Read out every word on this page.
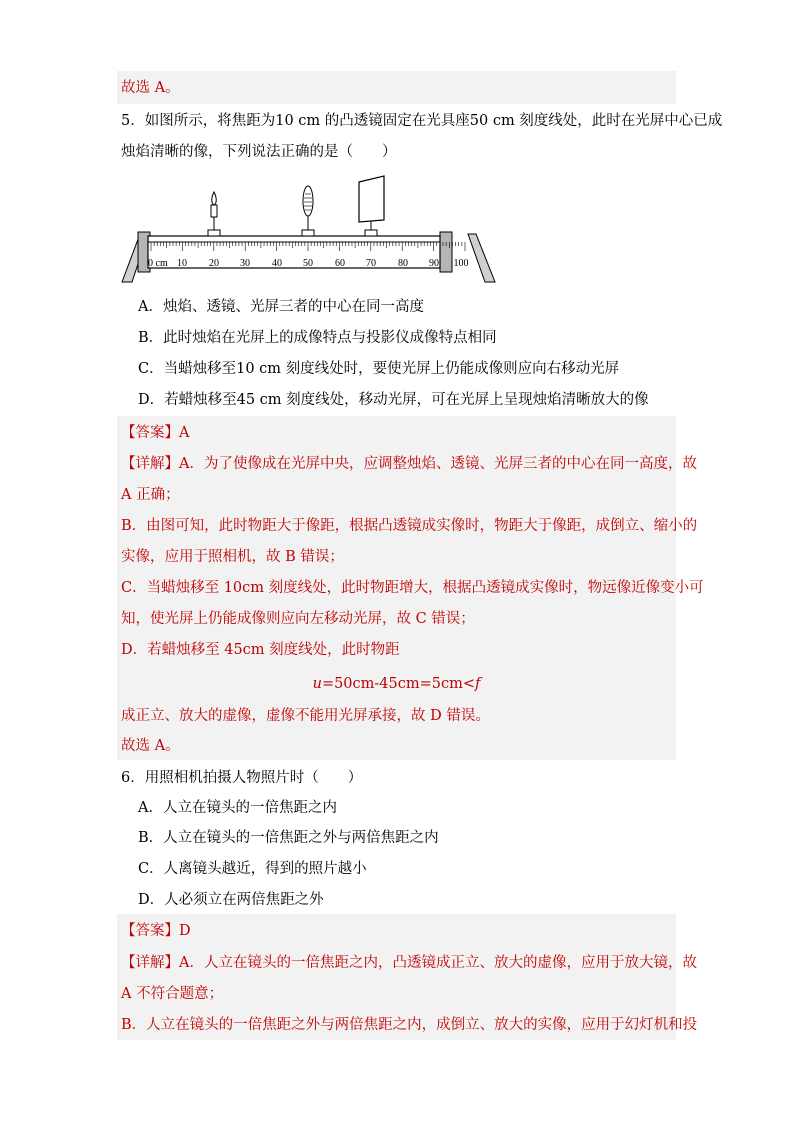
故选 A。
5．如图所示，将焦距为10 cm 的凸透镜固定在光具座50 cm 刻度线处，此时在光屏中心已成
烛焰清晰的像，下列说法正确的是（　　）
0 cm 10 20 30 40 50 60 70 80 90 100
A．烛焰、透镜、光屏三者的中心在同一高度
B．此时烛焰在光屏上的成像特点与投影仪成像特点相同
C．当蜡烛移至10 cm 刻度线处时，要使光屏上仍能成像则应向右移动光屏
D．若蜡烛移至45 cm 刻度线处，移动光屏，可在光屏上呈现烛焰清晰放大的像
【答案】A
【详解】A．为了使像成在光屏中央，应调整烛焰、透镜、光屏三者的中心在同一高度，故
A 正确；
B．由图可知，此时物距大于像距，根据凸透镜成实像时，物距大于像距，成倒立、缩小的
实像，应用于照相机，故 B 错误；
C．当蜡烛移至 10cm 刻度线处，此时物距增大，根据凸透镜成实像时，物远像近像变小可
知，使光屏上仍能成像则应向左移动光屏，故 C 错误；
D．若蜡烛移至 45cm 刻度线处，此时物距
u=50cm-45cm=5cm<f
成正立、放大的虚像，虚像不能用光屏承接，故 D 错误。
故选 A。
6．用照相机拍摄人物照片时（　　）
A．人立在镜头的一倍焦距之内
B．人立在镜头的一倍焦距之外与两倍焦距之内
C．人离镜头越近，得到的照片越小
D．人必须立在两倍焦距之外
【答案】D
【详解】A．人立在镜头的一倍焦距之内，凸透镜成正立、放大的虚像，应用于放大镜，故
A 不符合题意；
B．人立在镜头的一倍焦距之外与两倍焦距之内，成倒立、放大的实像，应用于幻灯机和投
